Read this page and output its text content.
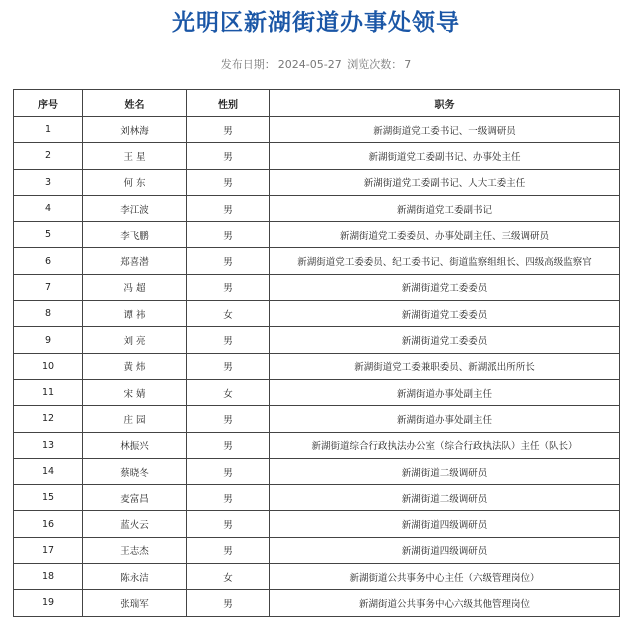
光明区新湖街道办事处领导
发布日期： 2024-05-27 浏览次数： 7
序号	姓名	性别	职务
1	刘林海	男	新湖街道党工委书记、一级调研员
2	王 星	男	新湖街道党工委副书记、办事处主任
3	何 东	男	新湖街道党工委副书记、人大工委主任
4	李江波	男	新湖街道党工委副书记
5	李飞鹏	男	新湖街道党工委委员、办事处副主任、三级调研员
6	郑喜潜	男	新湖街道党工委委员、纪工委书记、街道监察组组长、四级高级监察官
7	冯 超	男	新湖街道党工委委员
8	谭 祎	女	新湖街道党工委委员
9	刘 亮	男	新湖街道党工委委员
10	黄 炜	男	新湖街道党工委兼职委员、新湖派出所所长
11	宋 婧	女	新湖街道办事处副主任
12	庄 园	男	新湖街道办事处副主任
13	林振兴	男	新湖街道综合行政执法办公室（综合行政执法队）主任（队长）
14	蔡晓冬	男	新湖街道二级调研员
15	麦富昌	男	新湖街道二级调研员
16	蓝火云	男	新湖街道四级调研员
17	王志杰	男	新湖街道四级调研员
18	陈永洁	女	新湖街道公共事务中心主任（六级管理岗位）
19	张瑞军	男	新湖街道公共事务中心六级其他管理岗位
